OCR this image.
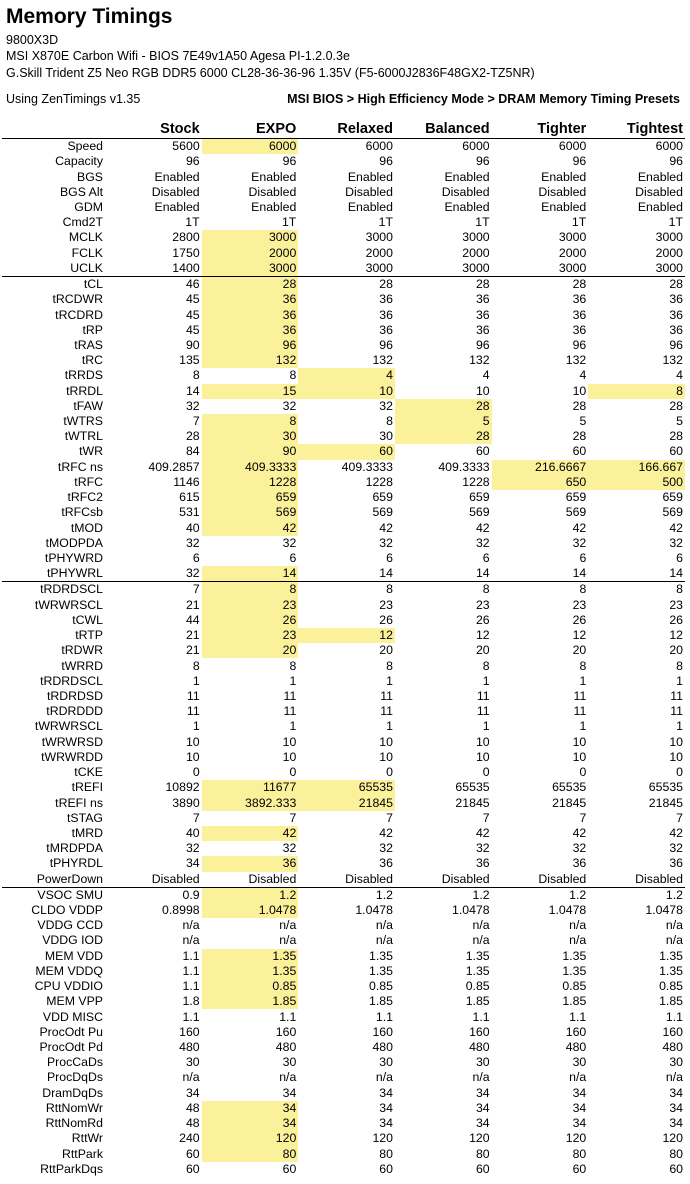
Memory Timings
9800X3D
MSI X870E Carbon Wifi - BIOS 7E49v1A50 Agesa PI-1.2.0.3e
G.Skill Trident Z5 Neo RGB DDR5 6000 CL28-36-36-96 1.35V (F5-6000J2836F48GX2-TZ5NR)
Using ZenTimings v1.35	MSI BIOS > High Efficiency Mode > DRAM Memory Timing Presets
	Stock	EXPO	Relaxed	Balanced	Tighter	Tightest
Speed	5600	6000	6000	6000	6000	6000
Capacity	96	96	96	96	96	96
BGS	Enabled	Enabled	Enabled	Enabled	Enabled	Enabled
BGS Alt	Disabled	Disabled	Disabled	Disabled	Disabled	Disabled
GDM	Enabled	Enabled	Enabled	Enabled	Enabled	Enabled
Cmd2T	1T	1T	1T	1T	1T	1T
MCLK	2800	3000	3000	3000	3000	3000
FCLK	1750	2000	2000	2000	2000	2000
UCLK	1400	3000	3000	3000	3000	3000
tCL	46	28	28	28	28	28
tRCDWR	45	36	36	36	36	36
tRCDRD	45	36	36	36	36	36
tRP	45	36	36	36	36	36
tRAS	90	96	96	96	96	96
tRC	135	132	132	132	132	132
tRRDS	8	8	4	4	4	4
tRRDL	14	15	10	10	10	8
tFAW	32	32	32	28	28	28
tWTRS	7	8	8	5	5	5
tWTRL	28	30	30	28	28	28
tWR	84	90	60	60	60	60
tRFC ns	409.2857	409.3333	409.3333	409.3333	216.6667	166.667
tRFC	1146	1228	1228	1228	650	500
tRFC2	615	659	659	659	659	659
tRFCsb	531	569	569	569	569	569
tMOD	40	42	42	42	42	42
tMODPDA	32	32	32	32	32	32
tPHYWRD	6	6	6	6	6	6
tPHYWRL	32	14	14	14	14	14
tRDRDSCL	7	8	8	8	8	8
tWRWRSCL	21	23	23	23	23	23
tCWL	44	26	26	26	26	26
tRTP	21	23	12	12	12	12
tRDWR	21	20	20	20	20	20
tWRRD	8	8	8	8	8	8
tRDRDSCL	1	1	1	1	1	1
tRDRDSD	11	11	11	11	11	11
tRDRDDD	11	11	11	11	11	11
tWRWRSCL	1	1	1	1	1	1
tWRWRSD	10	10	10	10	10	10
tWRWRDD	10	10	10	10	10	10
tCKE	0	0	0	0	0	0
tREFI	10892	11677	65535	65535	65535	65535
tREFI ns	3890	3892.333	21845	21845	21845	21845
tSTAG	7	7	7	7	7	7
tMRD	40	42	42	42	42	42
tMRDPDA	32	32	32	32	32	32
tPHYRDL	34	36	36	36	36	36
PowerDown	Disabled	Disabled	Disabled	Disabled	Disabled	Disabled
VSOC SMU	0.9	1.2	1.2	1.2	1.2	1.2
CLDO VDDP	0.8998	1.0478	1.0478	1.0478	1.0478	1.0478
VDDG CCD	n/a	n/a	n/a	n/a	n/a	n/a
VDDG IOD	n/a	n/a	n/a	n/a	n/a	n/a
MEM VDD	1.1	1.35	1.35	1.35	1.35	1.35
MEM VDDQ	1.1	1.35	1.35	1.35	1.35	1.35
CPU VDDIO	1.1	0.85	0.85	0.85	0.85	0.85
MEM VPP	1.8	1.85	1.85	1.85	1.85	1.85
VDD MISC	1.1	1.1	1.1	1.1	1.1	1.1
ProcOdt Pu	160	160	160	160	160	160
ProcOdt Pd	480	480	480	480	480	480
ProcCaDs	30	30	30	30	30	30
ProcDqDs	n/a	n/a	n/a	n/a	n/a	n/a
DramDqDs	34	34	34	34	34	34
RttNomWr	48	34	34	34	34	34
RttNomRd	48	34	34	34	34	34
RttWr	240	120	120	120	120	120
RttPark	60	80	80	80	80	80
RttParkDqs	60	60	60	60	60	60
